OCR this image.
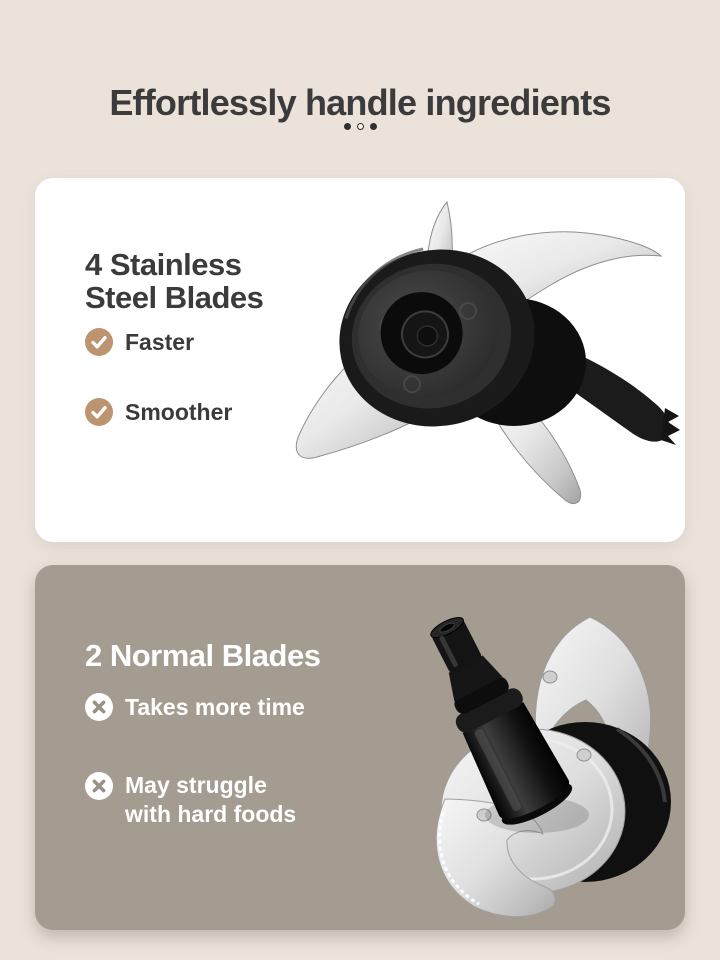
Effortlessly handle ingredients
4 Stainless
Steel Blades
Faster
Smoother
2 Normal Blades
Takes more time
May struggle with hard foods
